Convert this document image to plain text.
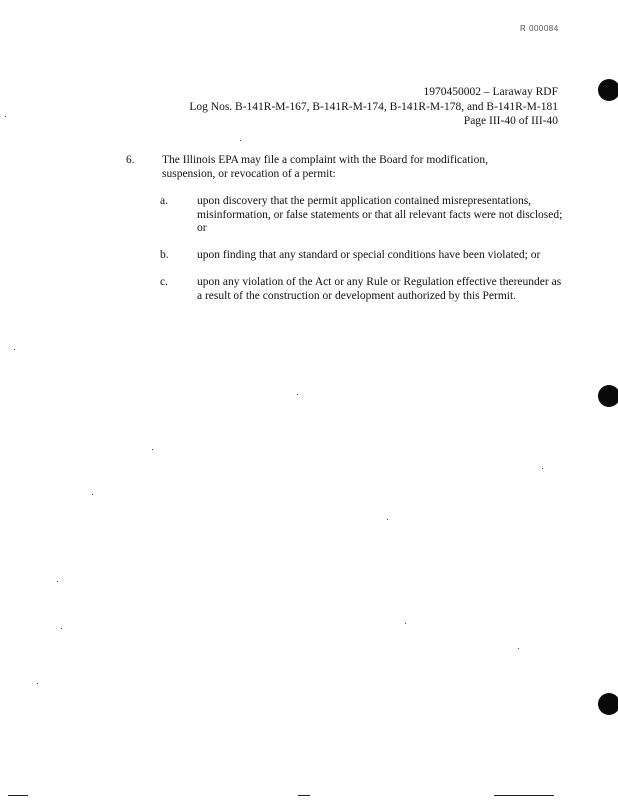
R 000084
1970450002 – Laraway RDF
Log Nos. B-141R-M-167, B-141R-M-174, B-141R-M-178, and B-141R-M-181
Page III-40 of III-40
6. The Illinois EPA may file a complaint with the Board for modification, suspension, or revocation of a permit:
a.	upon discovery that the permit application contained misrepresentations, misinformation, or false statements or that all relevant facts were not disclosed; or
b. upon finding that any standard or special conditions have been violated; or
c.	upon any violation of the Act or any Rule or Regulation effective thereunder as a result of the construction or development authorized by this Permit.
